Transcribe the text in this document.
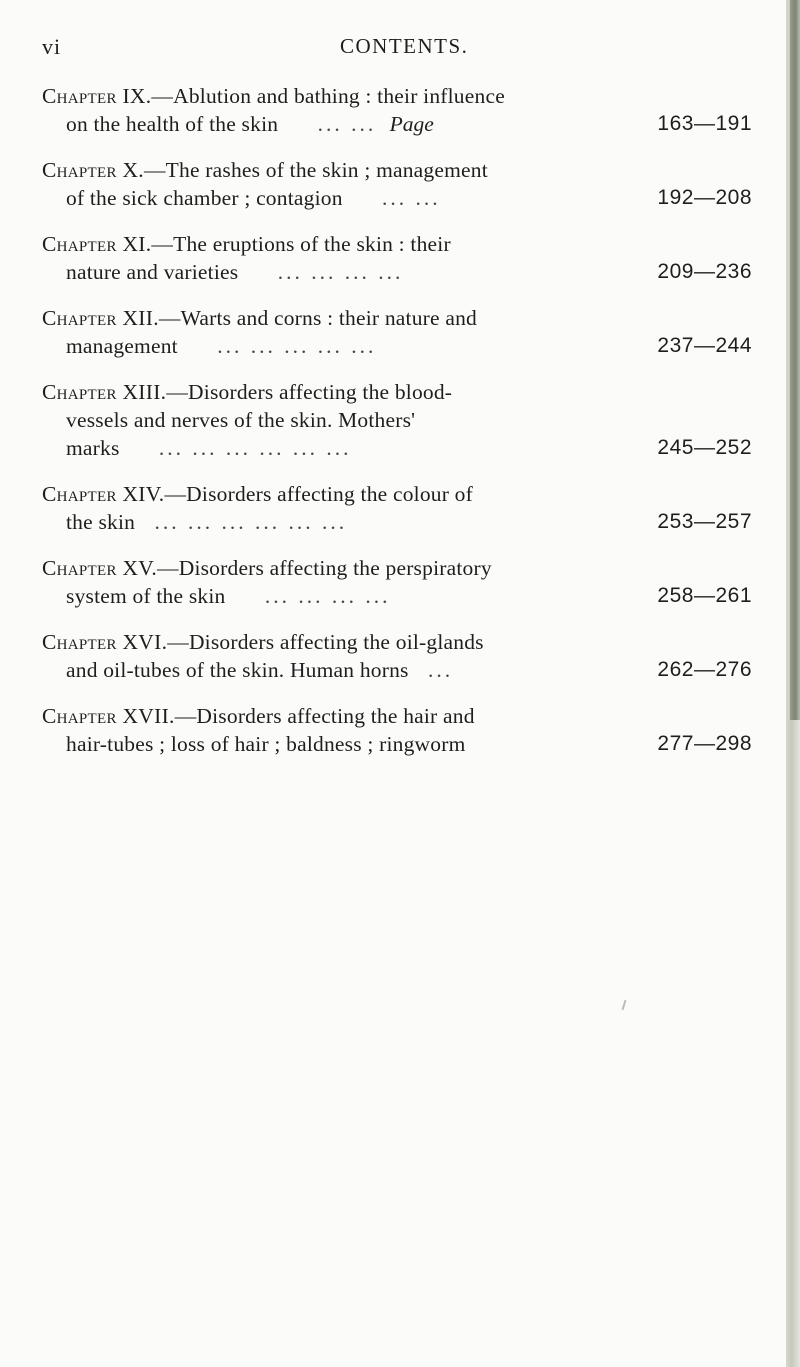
vi	CONTENTS.
Chapter IX.—Ablution and bathing : their influence
on the health of the skin ... ... Page	163—191
Chapter X.—The rashes of the skin ; management
of the sick chamber ; contagion ... ...	192—208
Chapter XI.—The eruptions of the skin : their
nature and varieties ... ... ... ...	209—236
Chapter XII.—Warts and corns : their nature and
management ... ... ... ... ...	237—244
Chapter XIII.—Disorders affecting the blood-
vessels and nerves of the skin. Mothers'
marks ... ... ... ... ... ...	245—252
Chapter XIV.—Disorders affecting the colour of
the skin ... ... ... ... ... ...	253—257
Chapter XV.—Disorders affecting the perspiratory
system of the skin ... ... ... ...	258—261
Chapter XVI.—Disorders affecting the oil-glands
and oil-tubes of the skin. Human horns ...	262—276
Chapter XVII.—Disorders affecting the hair and
hair-tubes ; loss of hair ; baldness ; ringworm	277—298
